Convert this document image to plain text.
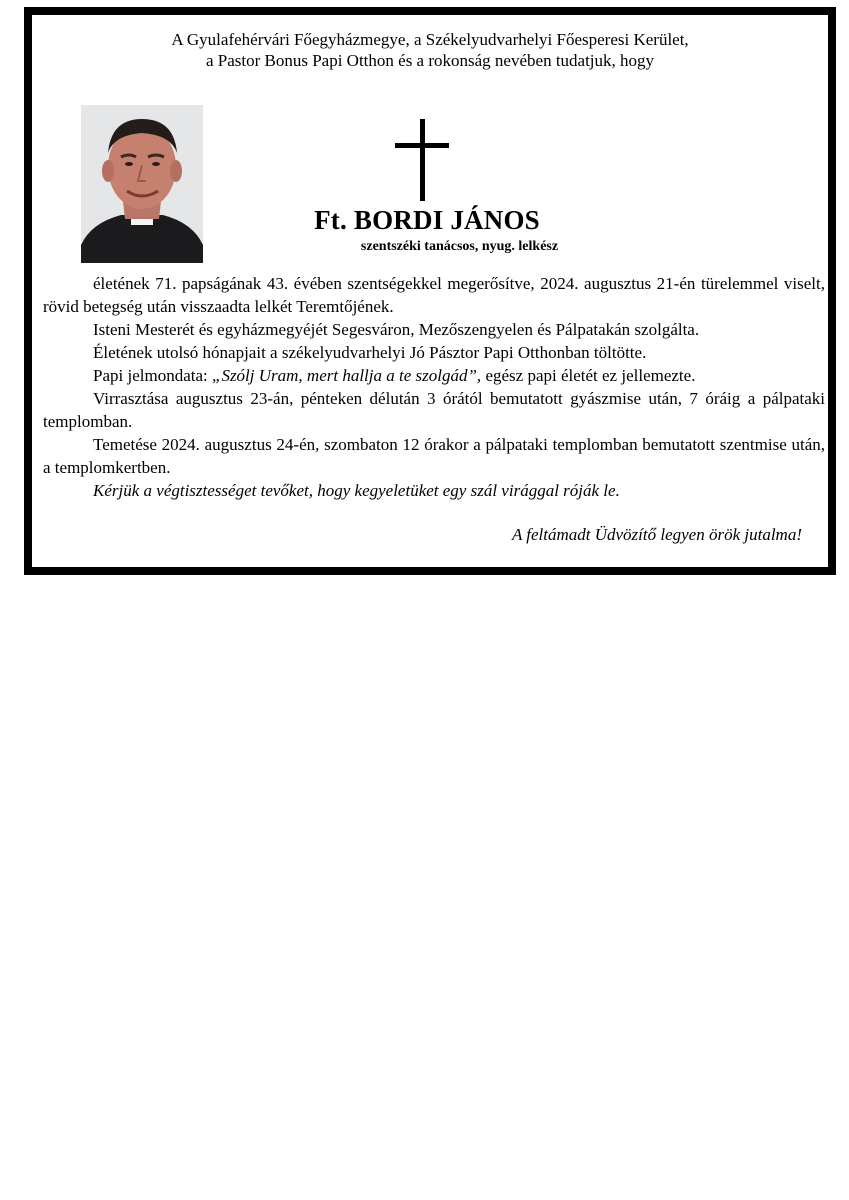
A Gyulafehérvári Főegyházmegye, a Székelyudvarhelyi Főesperesi Kerület,
a Pastor Bonus Papi Otthon és a rokonság nevében tudatjuk, hogy
Ft. BORDI JÁNOS
szentszéki tanácsos, nyug. lelkész

életének 71. papságának 43. évében szentségekkel megerősítve, 2024. augusztus 21-én türelemmel viselt, rövid betegség után visszaadta lelkét Teremtőjének.

Isteni Mesterét és egyházmegyéjét Segesváron, Mezőszengyelen és Pálpatakán szolgálta.

Életének utolsó hónapjait a székelyudvarhelyi Jó Pásztor Papi Otthonban töltötte.

Papi jelmondata: „Szólj Uram, mert hallja a te szolgád”, egész papi életét ez jellemezte.

Virrasztása augusztus 23-án, pénteken délután 3 órától bemutatott gyászmise után, 7 óráig a pálpataki templomban.

Temetése 2024. augusztus 24-én, szombaton 12 órakor a pálpataki templomban bemutatott szentmise után, a templomkertben.

Kérjük a végtisztességet tevőket, hogy kegyeletüket egy szál virággal róják le.

A feltámadt Üdvözítő legyen örök jutalma!
